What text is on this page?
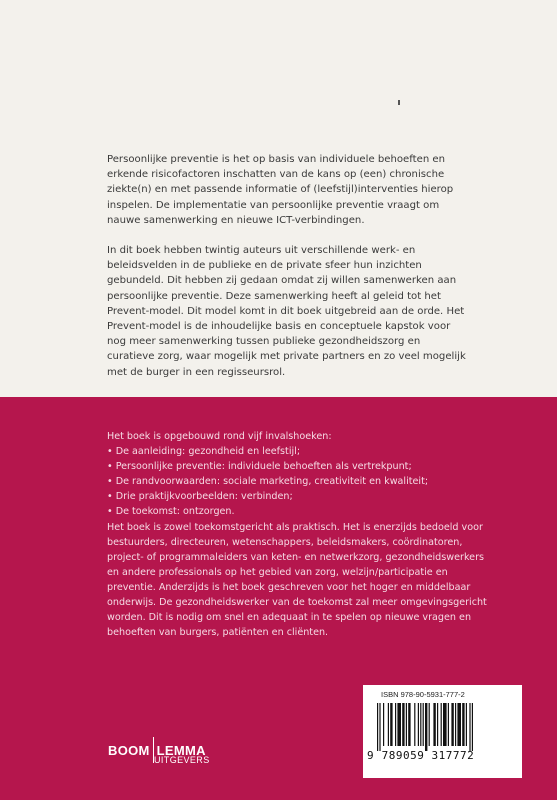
Persoonlijke preventie is het op basis van individuele behoeften en erkende risicofactoren inschatten van de kans op (een) chronische ziekte(n) en met passende informatie of (leefstijl)interventies hierop inspelen. De implementatie van persoonlijke preventie vraagt om nauwe samenwerking en nieuwe ICT-verbindingen.

In dit boek hebben twintig auteurs uit verschillende werk- en beleidsvelden in de publieke en de private sfeer hun inzichten gebundeld. Dit hebben zij gedaan omdat zij willen samenwerken aan persoonlijke preventie. Deze samenwerking heeft al geleid tot het Prevent-model. Dit model komt in dit boek uitgebreid aan de orde. Het Prevent-model is de inhoudelijke basis en conceptuele kapstok voor nog meer samenwerking tussen publieke gezondheidszorg en curatieve zorg, waar mogelijk met private partners en zo veel mogelijk met de burger in een regisseursrol.

Het boek is opgebouwd rond vijf invalshoeken:

• De aanleiding: gezondheid en leefstijl;
• Persoonlijke preventie: individuele behoeften als vertrekpunt;
• De randvoorwaarden: sociale marketing, creativiteit en kwaliteit;
• Drie praktijkvoorbeelden: verbinden;
• De toekomst: ontzorgen.

Het boek is zowel toekomstgericht als praktisch. Het is enerzijds bedoeld voor bestuurders, directeuren, wetenschappers, beleidsmakers, coördinatoren, project- of programmaleiders van keten- en netwerkzorg, gezondheidswerkers en andere professionals op het gebied van zorg, welzijn/participatie en preventie. Anderzijds is het boek geschreven voor het hoger en middelbaar onderwijs. De gezondheidswerker van de toekomst zal meer omgevingsgericht worden. Dit is nodig om snel en adequaat in te spelen op nieuwe vragen en behoeften van burgers, patiënten en cliënten.

BOOM LEMMA
UITGEVERS
ISBN 978-90-5931-777-2
9 789059 317772
